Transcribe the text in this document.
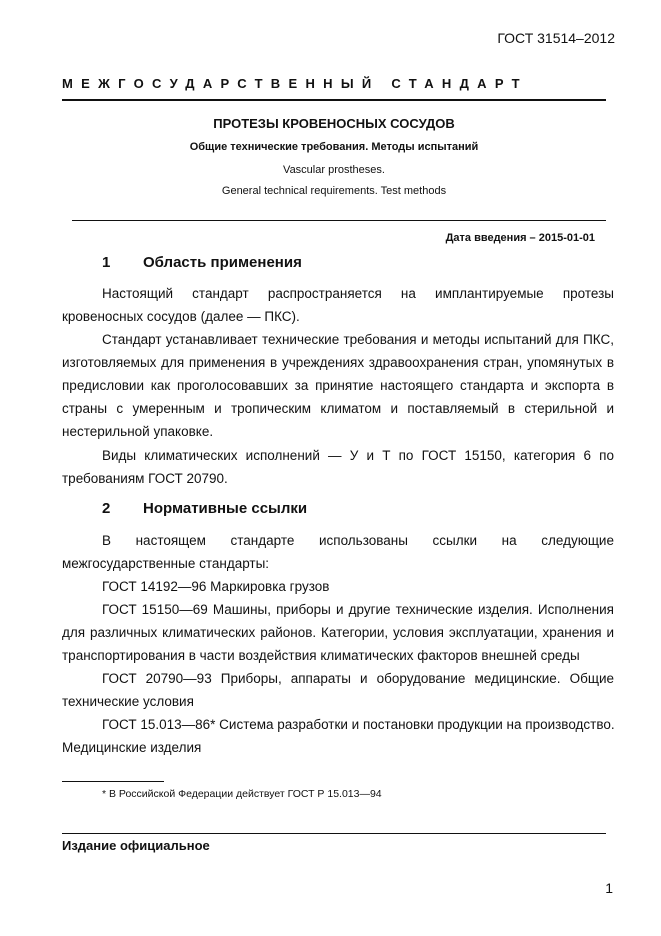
ГОСТ 31514–2012
МЕЖГОСУДАРСТВЕННЫЙ СТАНДАРТ
ПРОТЕЗЫ КРОВЕНОСНЫХ СОСУДОВ
Общие технические требования. Методы испытаний
Vascular prostheses.
General technical requirements. Test methods
Дата введения – 2015-01-01
1 Область применения
Настоящий стандарт распространяется на имплантируемые протезы
кровеносных сосудов (далее — ПКС).
Стандарт устанавливает технические требования и методы испытаний для ПКС,
изготовляемых для применения в учреждениях здравоохранения стран, упомянутых в
предисловии как проголосовавших за принятие настоящего стандарта и экспорта в
страны с умеренным и тропическим климатом и поставляемый в стерильной и
нестерильной упаковке.
Виды климатических исполнений — У и Т по ГОСТ 15150, категория 6 по
требованиям ГОСТ 20790.
2 Нормативные ссылки
В настоящем стандарте использованы ссылки на следующие
межгосударственные стандарты:
ГОСТ 14192—96 Маркировка грузов
ГОСТ 15150—69 Машины, приборы и другие технические изделия. Исполнения
для различных климатических районов. Категории, условия эксплуатации, хранения и
транспортирования в части воздействия климатических факторов внешней среды
ГОСТ 20790—93 Приборы, аппараты и оборудование медицинские. Общие
технические условия
ГОСТ 15.013—86* Система разработки и постановки продукции на производство.
Медицинские изделия
* В Российской Федерации действует ГОСТ Р 15.013—94
Издание официальное
1
